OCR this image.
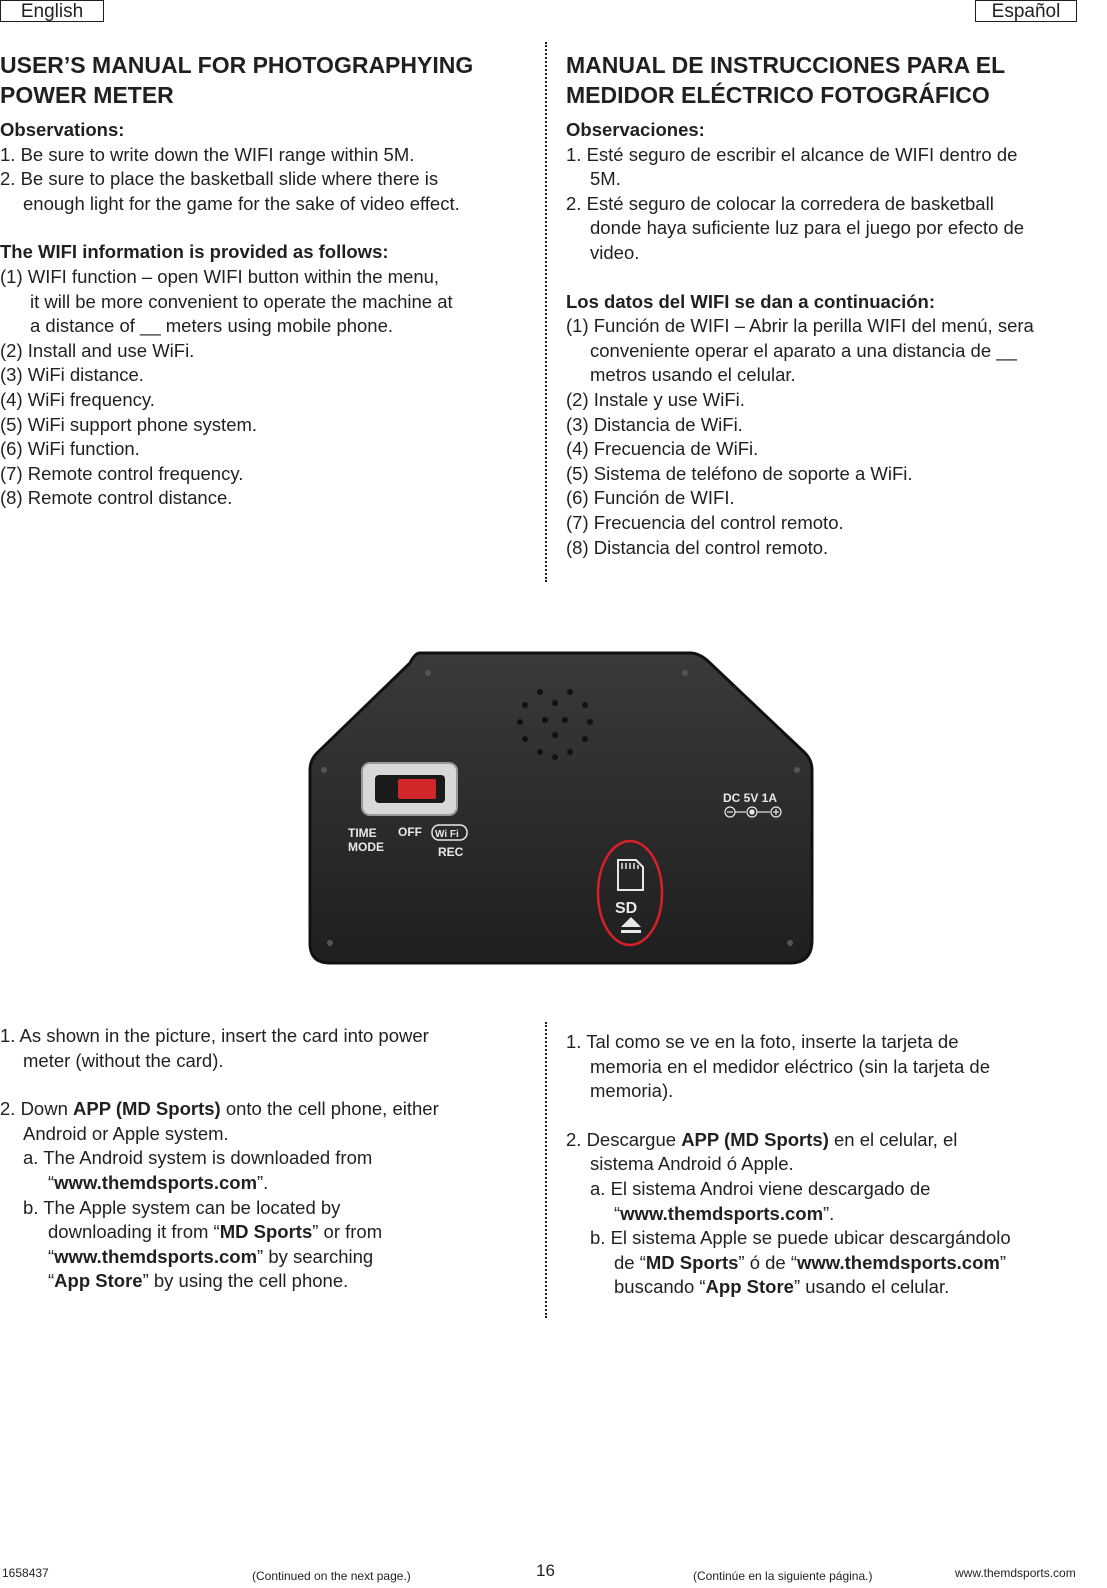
English	Español

USER’S MANUAL FOR PHOTOGRAPHYING

POWER METER

Observations:

1. Be sure to write down the WIFI range within 5M.

2. Be sure to place the basketball slide where there is

enough light for the game for the sake of video effect.

The WIFI information is provided as follows:

(1) WIFI function – open WIFI button within the menu,

it will be more convenient to operate the machine at

a distance of __ meters using mobile phone.

(2) Install and use WiFi.

(3) WiFi distance.

(4) WiFi frequency.

(5) WiFi support phone system.

(6) WiFi function.

(7) Remote control frequency.

(8) Remote control distance.

MANUAL DE INSTRUCCIONES PARA EL

MEDIDOR ELÉCTRICO FOTOGRÁFICO

Observaciones:

1. Esté seguro de escribir el alcance de WIFI dentro de

5M.

2. Esté seguro de colocar la corredera de basketball

donde haya suficiente luz para el juego por efecto de

video.

Los datos del WIFI se dan a continuación:

(1) Función de WIFI – Abrir la perilla WIFI del menú, sera

conveniente operar el aparato a una distancia de __

metros usando el celular.

(2) Instale y use WiFi.

(3) Distancia de WiFi.

(4) Frecuencia de WiFi.

(5) Sistema de teléfono de soporte a WiFi.

(6) Función de WIFI.

(7) Frecuencia del control remoto.

(8) Distancia del control remoto.

TIME
MODE
OFF Wi Fi
REC
DC 5V 1A
SD

1. As shown in the picture, insert the card into power

meter (without the card).

2. Down APP (MD Sports) onto the cell phone, either

Android or Apple system.

a. The Android system is downloaded from

“www.themdsports.com”.

b. The Apple system can be located by

downloading it from “MD Sports” or from

“www.themdsports.com” by searching

“App Store” by using the cell phone.

1. Tal como se ve en la foto, inserte la tarjeta de

memoria en el medidor eléctrico (sin la tarjeta de

memoria).

2. Descargue APP (MD Sports) en el celular, el

sistema Android ó Apple.

a. El sistema Androi viene descargado de

“www.themdsports.com”.

b. El sistema Apple se puede ubicar descargándolo

de “MD Sports” ó de “www.themdsports.com”

buscando “App Store” usando el celular.

1658437	(Continued on the next page.)	16	(Continúe en la siguiente página.)	www.themdsports.com
